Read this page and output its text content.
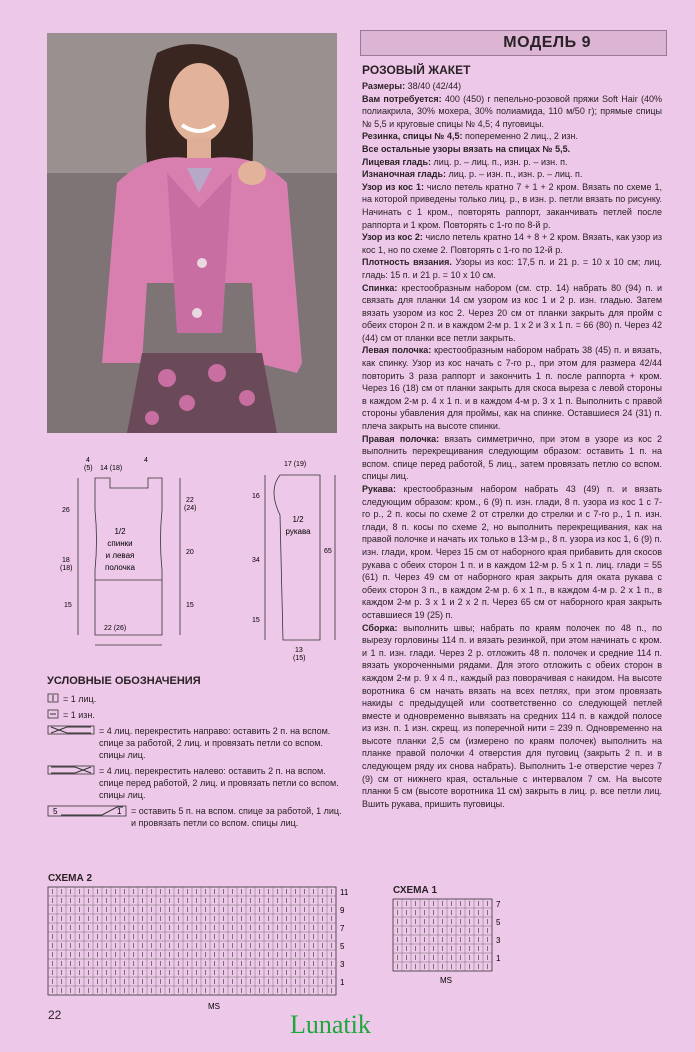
МОДЕЛЬ 9
РОЗОВЫЙ ЖАКЕТ

Размеры: 38/40 (42/44)

Вам потребуется: 400 (450) г пепельно-розовой пряжи Soft Hair (40% полиакрила, 30% мохера, 30% полиамида, 110 м/50 г); прямые спицы № 5,5 и круговые спицы № 4,5; 4 пуговицы.

Резинка, спицы № 4,5: попеременно 2 лиц., 2 изн.

Все остальные узоры вязать на спицах № 5,5.

Лицевая гладь: лиц. р. – лиц. п., изн. р. – изн. п.

Изнаночная гладь: лиц. р. – изн. п., изн. р. – лиц. п.

Узор из кос 1: число петель кратно 7 + 1 + 2 кром. Вязать по схеме 1, на которой приведены только лиц. р., в изн. р. петли вязать по рисунку. Начинать с 1 кром., повторять раппорт, заканчивать петлей после раппорта и 1 кром. Повторять с 1-го по 8-й р.

Узор из кос 2: число петель кратно 14 + 8 + 2 кром. Вязать, как узор из кос 1, но по схеме 2. Повторять с 1-го по 12-й р.

Плотность вязания. Узоры из кос: 17,5 п. и 21 р. = 10 х 10 см; лиц. гладь: 15 п. и 21 р. = 10 х 10 см.

Спинка: крестообразным набором (см. стр. 14) набрать 80 (94) п. и связать для планки 14 см узором из кос 1 и 2 р. изн. гладью. Затем вязать узором из кос 2. Через 20 см от планки закрыть для пройм с обеих сторон 2 п. и в каждом 2-м р. 1 х 2 и 3 х 1 п. = 66 (80) п. Через 42 (44) см от планки все петли закрыть.

Левая полочка: крестообразным набором набрать 38 (45) п. и вязать, как спинку. Узор из кос начать с 7-го р., при этом для размера 42/44 повторить 3 раза раппорт и закончить 1 п. после раппорта + кром. Через 16 (18) см от планки закрыть для скоса выреза с левой стороны в каждом 2-м р. 4 х 1 п. и в каждом 4-м р. 3 х 1 п. Выполнить с правой стороны убавления для проймы, как на спинке. Оставшиеся 24 (31) п. плеча закрыть на высоте спинки.

Правая полочка: вязать симметрично, при этом в узоре из кос 2 выполнить перекрещивания следующим образом: оставить 1 п. на вспом. спице перед работой, 5 лиц., затем провязать петлю со вспом. спицы лиц.

Рукава: крестообразным набором набрать 43 (49) п. и вязать следующим образом: кром., 6 (9) п. изн. глади, 8 п. узора из кос 1 с 7-го р., 2 п. косы по схеме 2 от стрелки до стрелки и с 7-го р., 1 п. изн. глади, 8 п. косы по схеме 2, но выполнить перекрещивания, как на правой полочке и начать их только в 13-м р., 8 п. узора из кос 1, 6 (9) п. изн. глади, кром. Через 15 см от наборного края прибавить для скосов рукава с обеих сторон 1 п. и в каждом 12-м р. 5 х 1 п. лиц. глади = 55 (61) п. Через 49 см от наборного края закрыть для оката рукава с обеих сторон 3 п., в каждом 2-м р. 6 х 1 п., в каждом 4-м р. 2 х 1 п., в каждом 2-м р. 3 х 1 и 2 х 2 п. Через 65 см от наборного края закрыть оставшиеся 19 (25) п.

Сборка: выполнить швы; набрать по краям полочек по 48 п., по вырезу горловины 114 п. и вязать резинкой, при этом начинать с кром. и 1 п. изн. глади. Через 2 р. отложить 48 п. полочек и средние 114 п. вязать укороченными рядами. Для этого отложить с обеих сторон в каждом 2-м р. 9 х 4 п., каждый раз поворачивая с накидом. На высоте воротника 6 см начать вязать на всех петлях, при этом провязать накиды с предыдущей или соответственно со следующей петлей вместе и одновременно вывязать на средних 114 п. в каждой полосе из изн. п. 1 изн. скрещ. из поперечной нити = 239 п. Одновременно на высоте планки 2,5 см (измерено по краям полочек) выполнить на планке правой полочки 4 отверстия для пуговиц (закрыть 2 п. и в следующем ряду их снова набрать). Выполнить 1-е отверстие через 7 (9) см от нижнего края, остальные с интервалом 7 см. На высоте планки 5 см (высоте воротника 11 см) закрыть в лиц. р. все петли лиц. Вшить рукава, пришить пуговицы.

4
(5) 14 (18)
4
26
18
(18)
15
22
(24)
20
15
22 (26)
1/2
спинки
и левая
полочка
17 (19)
16
34
15
65
13
(15)
1/2
рукава
УСЛОВНЫЕ ОБОЗНАЧЕНИЯ
= 1 лиц.
= 1 изн.
= 4 лиц. перекрестить направо: оставить 2 п. на вспом. спице за работой, 2 лиц. и провязать петли со вспом. спицы лиц.
= 4 лиц. перекрестить налево: оставить 2 п. на вспом. спице перед работой, 2 лиц. и провязать петли со вспом. спицы лиц.
5	1 = оставить 5 п. на вспом. спице за работой, 1 лиц. и провязать петли со вспом. спицы лиц.
СХЕМА 2
11
9
7
5
3
1
MS
СХЕМА 1
7
5
3
1
MS
22	Lunatik
